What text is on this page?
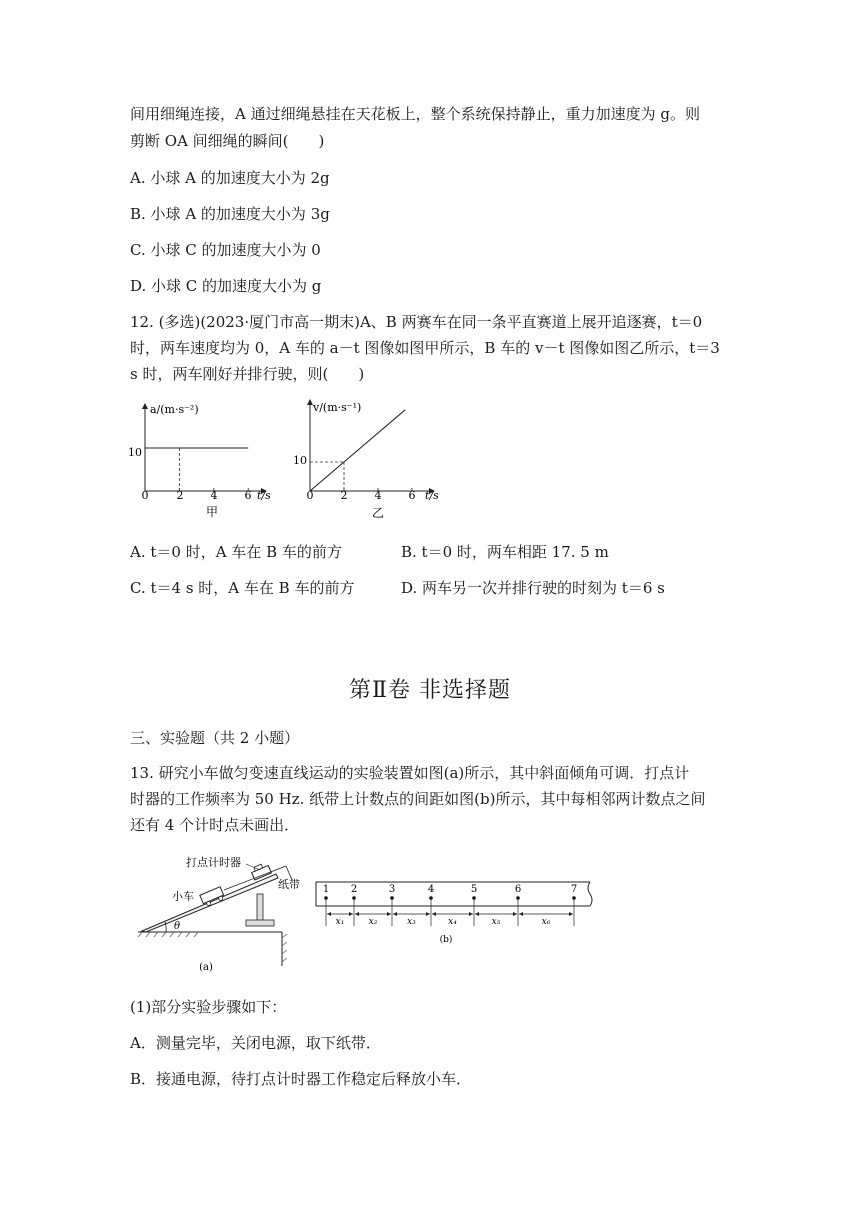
间用细绳连接，A 通过细绳悬挂在天花板上，整个系统保持静止，重力加速度为 g。则
剪断 OA 间细绳的瞬间(　　)
A. 小球 A 的加速度大小为 2g
B. 小球 A 的加速度大小为 3g
C. 小球 C 的加速度大小为 0
D. 小球 C 的加速度大小为 g
12. (多选)(2023·厦门市高一期末)A、B 两赛车在同一条平直赛道上展开追逐赛，t＝0
时，两车速度均为 0，A 车的 a－t 图像如图甲所示，B 车的 v－t 图像如图乙所示，t＝3
s 时，两车刚好并排行驶，则(　　)
a/(m·s⁻²)
t/s
0	2 4 6
10
甲
v/(m·s⁻¹)
t/s
0 2 4 6
10
乙
A. t＝0 时，A 车在 B 车的前方	B. t＝0 时，两车相距 17. 5 m
C. t＝4 s 时，A 车在 B 车的前方	D. 两车另一次并排行驶的时刻为 t＝6 s
第Ⅱ卷 非选择题
三、实验题（共 2 小题）
13. 研究小车做匀变速直线运动的实验装置如图(a)所示，其中斜面倾角可调．打点计
时器的工作频率为 50 Hz. 纸带上计数点的间距如图(b)所示，其中每相邻两计数点之间
还有 4 个计时点未画出．
θ
打点计时器
小车
纸带
(a)
1 2	3	4	5	6	7
x₁	x₂	x₃	x₄	x₅	x₆
(b)
(1)部分实验步骤如下：
A．测量完毕，关闭电源，取下纸带．
B．接通电源，待打点计时器工作稳定后释放小车．
